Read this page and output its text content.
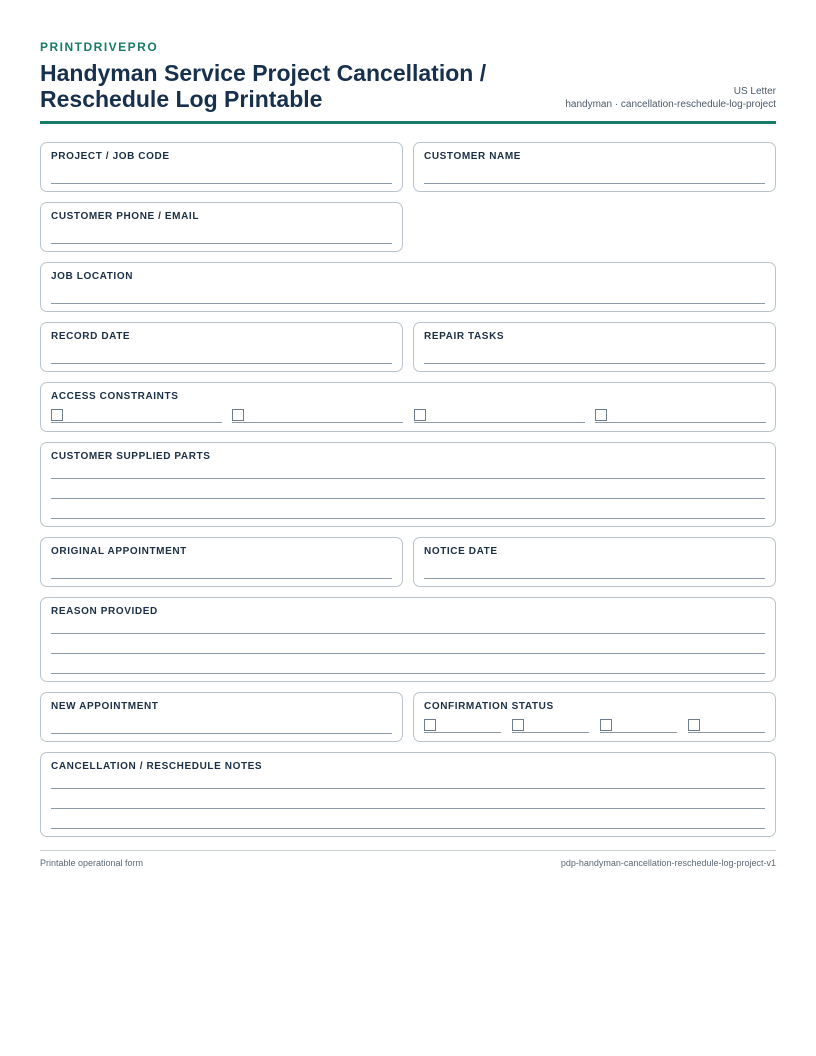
PRINTDRIVEPRO
Handyman Service Project Cancellation / Reschedule Log Printable	US Letter
handyman · cancellation-reschedule-log-project
PROJECT / JOB CODE	CUSTOMER NAME
CUSTOMER PHONE / EMAIL
JOB LOCATION
RECORD DATE	REPAIR TASKS
ACCESS CONSTRAINTS
CUSTOMER SUPPLIED PARTS
ORIGINAL APPOINTMENT	NOTICE DATE
REASON PROVIDED
NEW APPOINTMENT	CONFIRMATION STATUS
CANCELLATION / RESCHEDULE NOTES
Printable operational form	pdp-handyman-cancellation-reschedule-log-project-v1
